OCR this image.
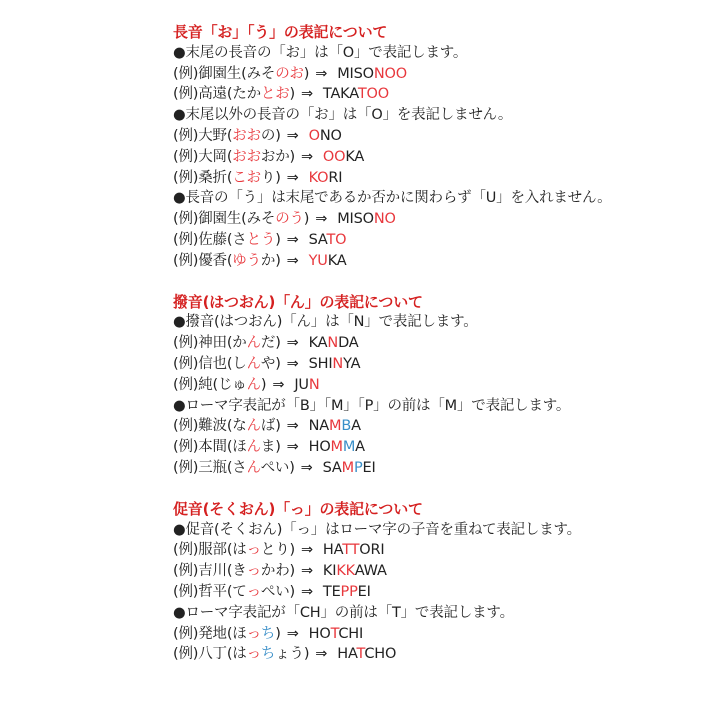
長音「お」「う」の表記について
●末尾の長音の「お」は「O」で表記します。
(例)御園生(みそのお) ⇒ MISONOO
(例)高遠(たかとお) ⇒ TAKATOO
●末尾以外の長音の「お」は「O」を表記しません。
(例)大野(おおの) ⇒ ONO
(例)大岡(おおおか) ⇒ OOKA
(例)桑折(こおり) ⇒ KORI
●長音の「う」は末尾であるか否かに関わらず「U」を入れません。
(例)御園生(みそのう) ⇒ MISONO
(例)佐藤(さとう) ⇒ SATO
(例)優香(ゆうか) ⇒ YUKA
撥音(はつおん)「ん」の表記について
●撥音(はつおん)「ん」は「N」で表記します。
(例)神田(かんだ) ⇒ KANDA
(例)信也(しんや) ⇒ SHINYA
(例)純(じゅん) ⇒ JUN
●ローマ字表記が「B」「M」「P」の前は「M」で表記します。
(例)難波(なんば) ⇒ NAMBA
(例)本間(ほんま) ⇒ HOMMA
(例)三瓶(さんぺい) ⇒ SAMPEI
促音(そくおん)「っ」の表記について
●促音(そくおん)「っ」はローマ字の子音を重ねて表記します。
(例)服部(はっとり) ⇒ HATTORI
(例)吉川(きっかわ) ⇒ KIKKAWA
(例)哲平(てっぺい) ⇒ TEPPEI
●ローマ字表記が「CH」の前は「T」で表記します。
(例)発地(ほっち) ⇒ HOTCHI
(例)八丁(はっちょう) ⇒ HATCHO
